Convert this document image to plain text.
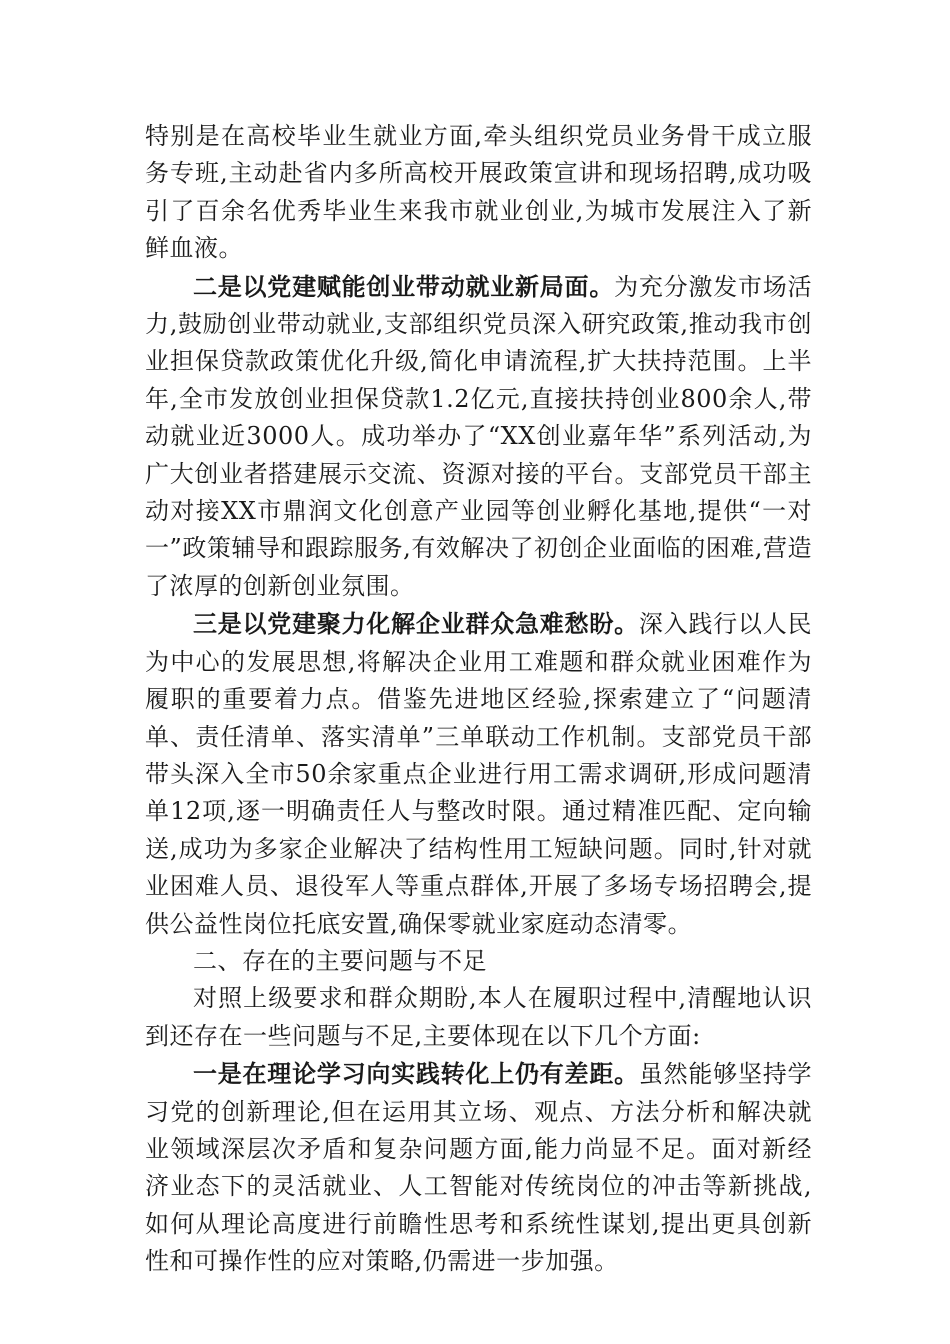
特别是在高校毕业生就业方面,牵头组织党员业务骨干成立服务专班,主动赴省内多所高校开展政策宣讲和现场招聘,成功吸引了百余名优秀毕业生来我市就业创业,为城市发展注入了新鲜血液。

二是以党建赋能创业带动就业新局面。为充分激发市场活力,鼓励创业带动就业,支部组织党员深入研究政策,推动我市创业担保贷款政策优化升级,简化申请流程,扩大扶持范围。上半年,全市发放创业担保贷款1.2亿元,直接扶持创业800余人,带动就业近3000人。成功举办了“XX创业嘉年华”系列活动,为广大创业者搭建展示交流、资源对接的平台。支部党员干部主动对接XX市鼎润文化创意产业园等创业孵化基地,提供“一对一”政策辅导和跟踪服务,有效解决了初创企业面临的困难,营造了浓厚的创新创业氛围。

三是以党建聚力化解企业群众急难愁盼。深入践行以人民为中心的发展思想,将解决企业用工难题和群众就业困难作为履职的重要着力点。借鉴先进地区经验,探索建立了“问题清单、责任清单、落实清单”三单联动工作机制。支部党员干部带头深入全市50余家重点企业进行用工需求调研,形成问题清单12项,逐一明确责任人与整改时限。通过精准匹配、定向输送,成功为多家企业解决了结构性用工短缺问题。同时,针对就业困难人员、退役军人等重点群体,开展了多场专场招聘会,提供公益性岗位托底安置,确保零就业家庭动态清零。

二、存在的主要问题与不足

对照上级要求和群众期盼,本人在履职过程中,清醒地认识到还存在一些问题与不足,主要体现在以下几个方面:

一是在理论学习向实践转化上仍有差距。虽然能够坚持学习党的创新理论,但在运用其立场、观点、方法分析和解决就业领域深层次矛盾和复杂问题方面,能力尚显不足。面对新经济业态下的灵活就业、人工智能对传统岗位的冲击等新挑战,如何从理论高度进行前瞻性思考和系统性谋划,提出更具创新性和可操作性的应对策略,仍需进一步加强。
